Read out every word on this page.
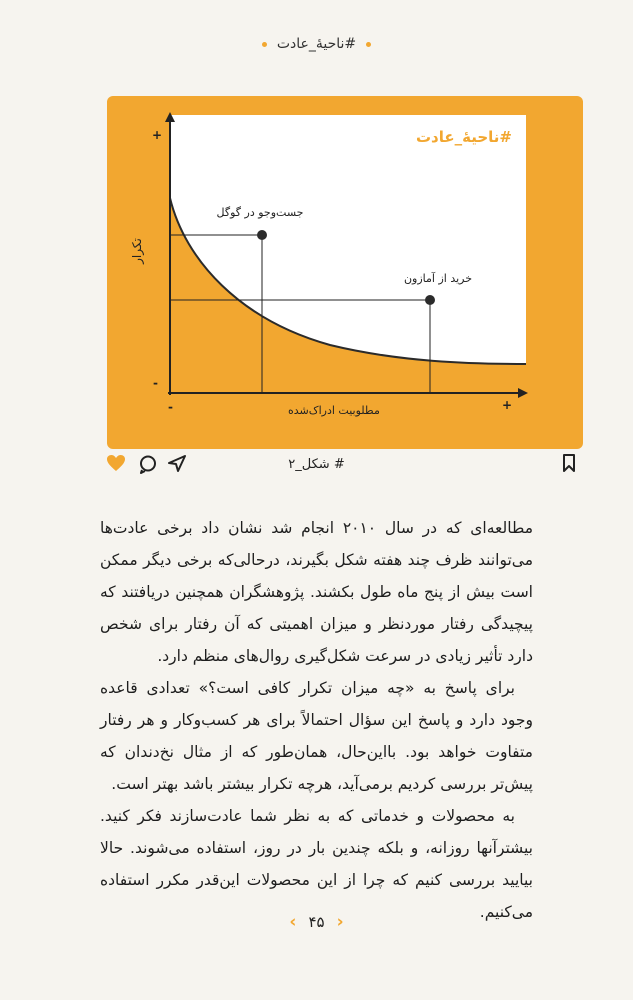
#ناحیهٔ_عادت
#ناحیهٔ_عادت
جست‌وجو در گوگل
خرید از آمازون
تکرار
مطلوبیت ادراک‌شده
+
-
-	+
# شکل_۲

مطالعه‌ای که در سال ۲۰۱۰ انجام شد نشان داد برخی عادت‌ها می‌توانند ظرف چند هفته شکل بگیرند، درحالی‌که برخی دیگر ممکن است بیش از پنج ماه طول بکشند. پژوهشگران همچنین دریافتند که پیچیدگی رفتار موردنظر و میزان اهمیتی که آن رفتار برای شخص دارد تأثیر زیادی در سرعت شکل‌گیری روال‌های منظم دارد.

برای پاسخ به «چه میزان تکرار کافی است؟» تعدادی قاعده وجود دارد و پاسخ این سؤال احتمالاً برای هر کسب‌وکار و هر رفتار متفاوت خواهد بود. بااین‌حال، همان‌طور که از مثال نخ‌دندان که پیش‌تر بررسی کردیم برمی‌آید، هرچه تکرار بیشتر باشد بهتر است.

به محصولات و خدماتی که به نظر شما عادت‌سازند فکر کنید. بیشترآنها روزانه، و بلکه چندین بار در روز، استفاده می‌شوند. حالا بیایید بررسی کنیم که چرا از این محصولات این‌قدر مکرر استفاده می‌کنیم.

‹ ۴۵ ›
